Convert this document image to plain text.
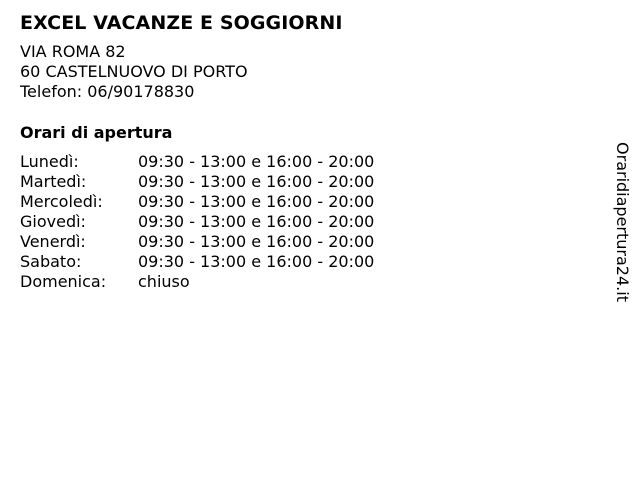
EXCEL VACANZE E SOGGIORNI
VIA ROMA 82
60 CASTELNUOVO DI PORTO
Telefon: 06/90178830
Orari di apertura
Lunedì:	09:30 - 13:00 e 16:00 - 20:00
Martedì:	09:30 - 13:00 e 16:00 - 20:00
Mercoledì:	09:30 - 13:00 e 16:00 - 20:00
Giovedì:	09:30 - 13:00 e 16:00 - 20:00
Venerdì:	09:30 - 13:00 e 16:00 - 20:00
Sabato:	09:30 - 13:00 e 16:00 - 20:00
Domenica:	chiuso	Oraridiapertura24.it
